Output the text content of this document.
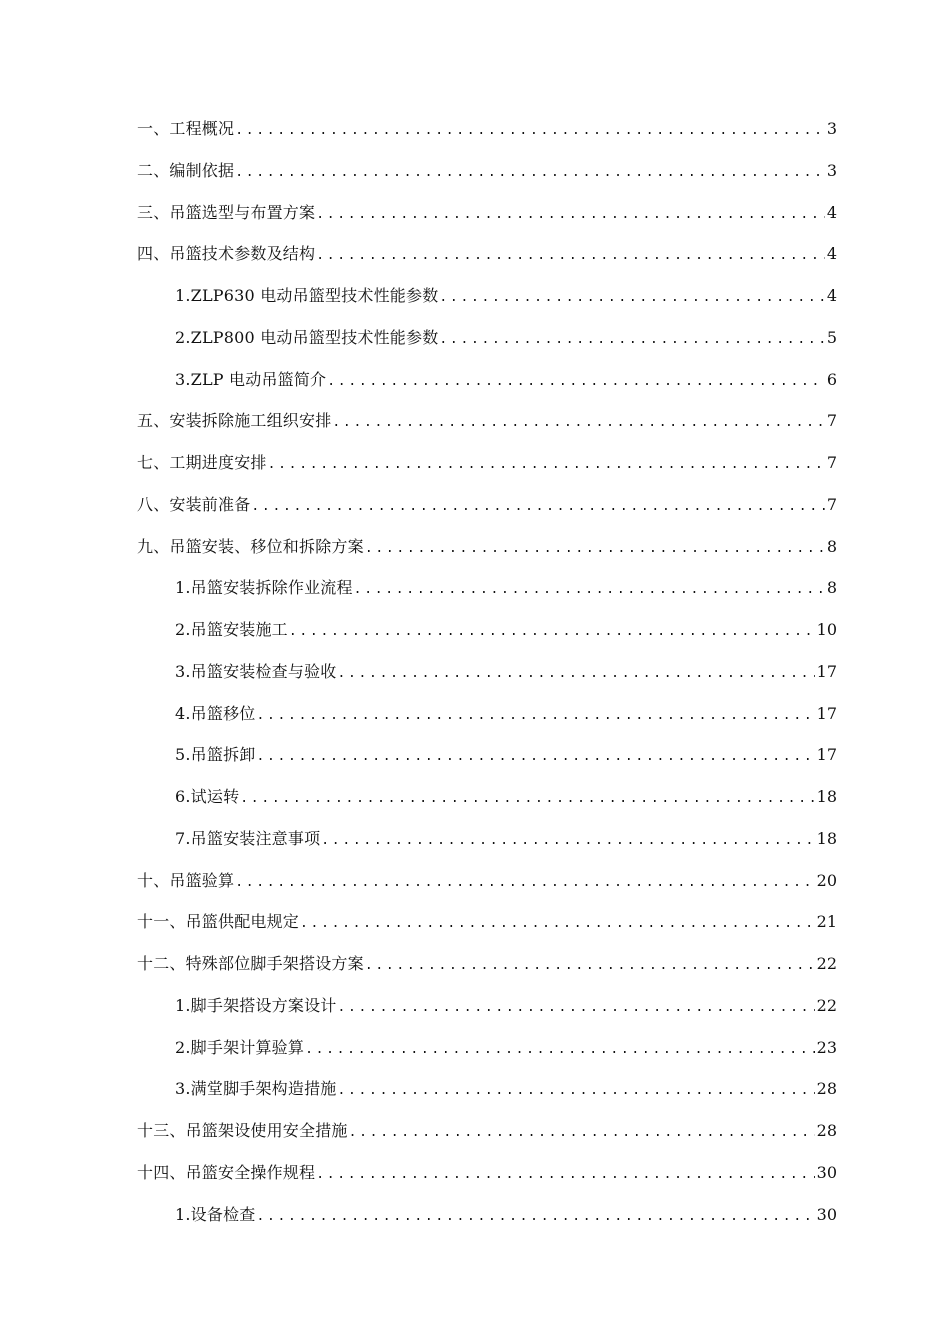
一、工程概况 .....	3
二、编制依据 .....	3
三、吊篮选型与布置方案 .....	4
四、吊篮技术参数及结构 .....	4
1.ZLP630 电动吊篮型技术性能参数 .....	4
2.ZLP800 电动吊篮型技术性能参数 .....	5
3.ZLP 电动吊篮简介 .....	6
五、安装拆除施工组织安排 .....	7
七、工期进度安排 .....	7
八、安装前准备 .....	7
九、吊篮安装、移位和拆除方案 .....	8
1.吊篮安装拆除作业流程 .....	8
2.吊篮安装施工 .....	10
3.吊篮安装检查与验收 .....	17
4.吊篮移位 .....	17
5.吊篮拆卸 .....	17
6.试运转 .....	18
7.吊篮安装注意事项 .....	18
十、吊篮验算 .....	20
十一、吊篮供配电规定 .....	21
十二、特殊部位脚手架搭设方案 .....	22
1.脚手架搭设方案设计 .....	22
2.脚手架计算验算 .....	23
3.满堂脚手架构造措施 .....	28
十三、吊篮架设使用安全措施 .....	28
十四、吊篮安全操作规程 .....	30
1.设备检查 .....	30
